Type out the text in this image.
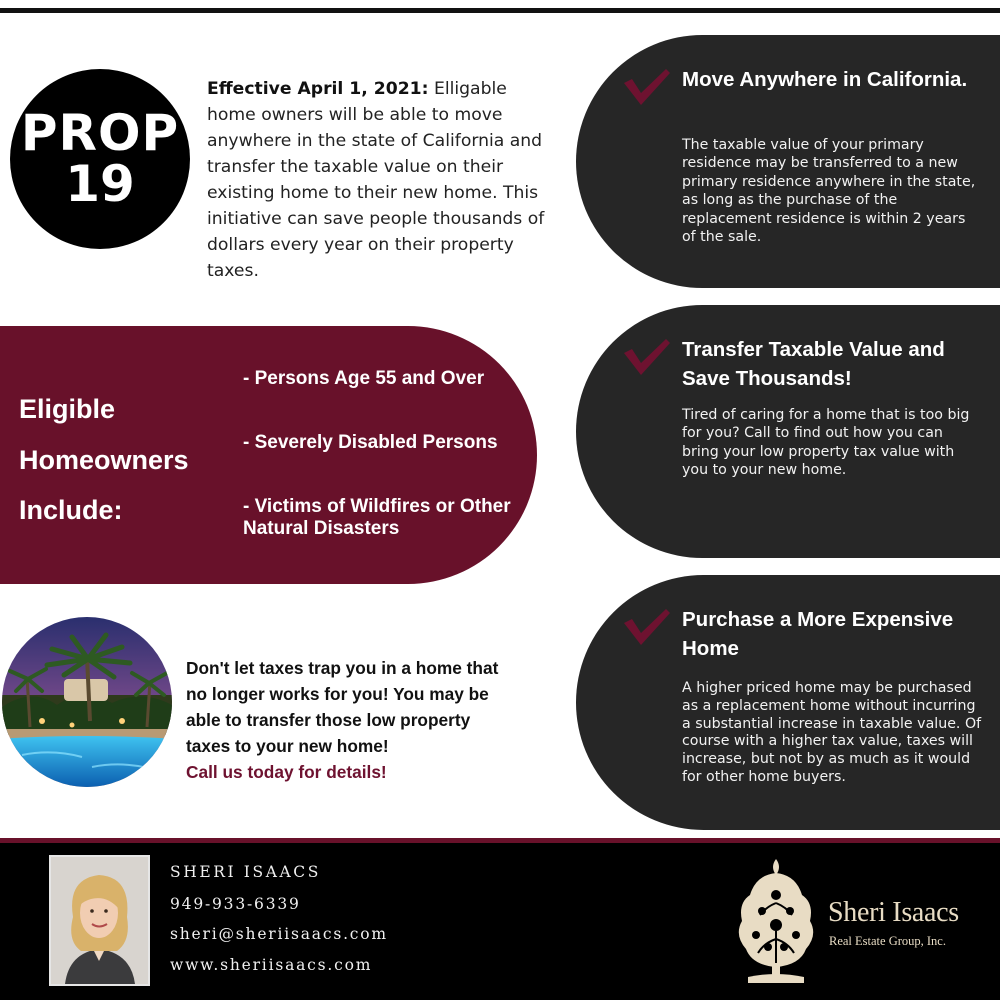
PROP
19

Effective April 1, 2021: Elligable home owners will be able to move anywhere in the state of California and transfer the taxable value on their existing home to their new home. This initiative can save people thousands of dollars every year on their property taxes.

Move Anywhere in California.
The taxable value of your primary residence may be transferred to a new primary residence anywhere in the state, as long as the purchase of the replacement residence is within 2 years of the sale.
Transfer Taxable Value and Save Thousands!
Tired of caring for a home that is too big for you? Call to find out how you can bring your low property tax value with you to your new home.
Purchase a More Expensive Home
A higher priced home may be purchased as a replacement home without incurring a substantial increase in taxable value. Of course with a higher tax value, taxes will increase, but not by as much as it would for other home buyers.
Eligible
Homeowners
Include:
- Persons Age 55 and Over
- Severely Disabled Persons
- Victims of Wildfires or Other Natural Disasters

Don't let taxes trap you in a home that no longer works for you! You may be able to transfer those low property taxes to your new home!
Call us today for details!

SHERI ISAACS
949-933-6339
sheri@sheriisaacs.com
www.sheriisaacs.com
Sheri Isaacs
Real Estate Group, Inc.
